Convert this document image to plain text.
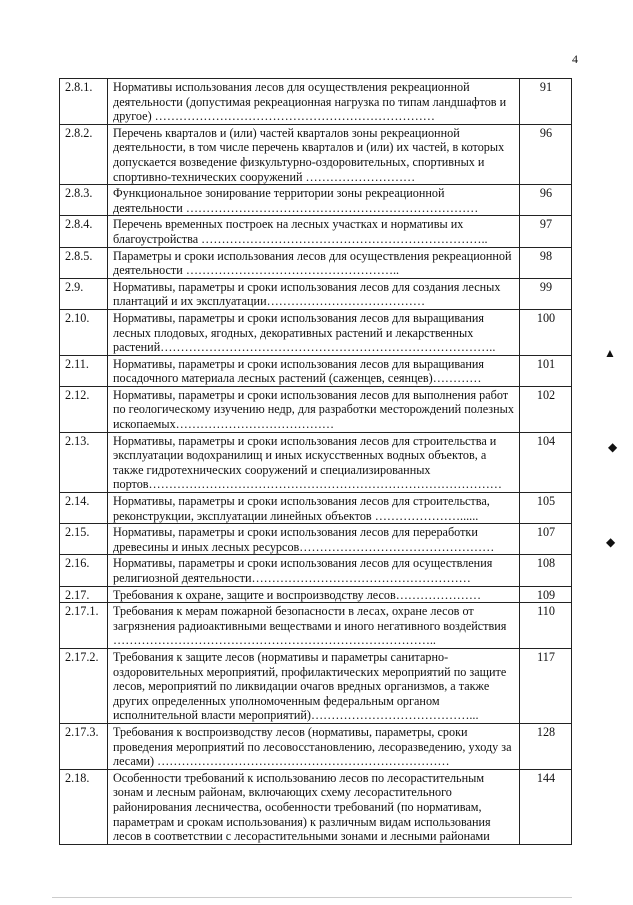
4
2.8.1.	Нормативы использования лесов для осуществления рекреационной деятельности (допустимая рекреационная нагрузка по типам ландшафтов и другое) ……………………………………………………………	91
2.8.2.	Перечень кварталов и (или) частей кварталов зоны рекреационной деятельности, в том числе перечень кварталов и (или) их частей, в которых допускается возведение физкультурно-оздоровительных, спортивных и спортивно-технических сооружений ………………………	96
2.8.3.	Функциональное зонирование территории зоны рекреационной деятельности ………………………………………………………………	96
2.8.4.	Перечень временных построек на лесных участках и нормативы их благоустройства ……………………………………………………………..	97
2.8.5.	Параметры и сроки использования лесов для осуществления рекреационной деятельности ……………………………………………..	98
2.9.	Нормативы, параметры и сроки использования лесов для создания лесных плантаций и их эксплуатации…………………………………	99
2.10.	Нормативы, параметры и сроки использования лесов для выращивания лесных плодовых, ягодных, декоративных растений и лекарственных растений………………………………………………………………………..	100
2.11.	Нормативы, параметры и сроки использования лесов для выращивания посадочного материала лесных растений (саженцев, сеянцев)…………	101
2.12.	Нормативы, параметры и сроки использования лесов для выполнения работ по геологическому изучению недр, для разработки месторождений полезных ископаемых…………………………………	102
2.13.	Нормативы, параметры и сроки использования лесов для строительства и эксплуатации водохранилищ и иных искусственных водных объектов, а также гидротехнических сооружений и специализированных портов……………………………………………………………………………	104
2.14.	Нормативы, параметры и сроки использования лесов для строительства, реконструкции, эксплуатации линейных объектов …………………......	105
2.15.	Нормативы, параметры и сроки использования лесов для переработки древесины и иных лесных ресурсов…………………………………………	107
2.16.	Нормативы, параметры и сроки использования лесов для осуществления религиозной деятельности………………………………………………	108
2.17.	Требования к охране, защите и воспроизводству лесов…………………	109
2.17.1.	Требования к мерам пожарной безопасности в лесах, охране лесов от загрязнения радиоактивными веществами и иного негативного воздействия ……………………………………………………………………..	110
2.17.2.	Требования к защите лесов (нормативы и параметры санитарно-оздоровительных мероприятий, профилактических мероприятий по защите лесов, мероприятий по ликвидации очагов вредных организмов, а также других определенных уполномоченным федеральным органом исполнительной власти мероприятий)…………………………………...	117
2.17.3.	Требования к воспроизводству лесов (нормативы, параметры, сроки проведения мероприятий по лесовосстановлению, лесоразведению, уходу за лесами) ………………………………………………………………	128
2.18.	Особенности требований к использованию лесов по лесорастительным зонам и лесным районам, включающих схему лесорастительного районирования лесничества, особенности требований (по нормативам, параметрам и срокам использования) к различным видам использования лесов в соответствии с лесорастительными зонами и лесными районами	144
▲
◆
◆
